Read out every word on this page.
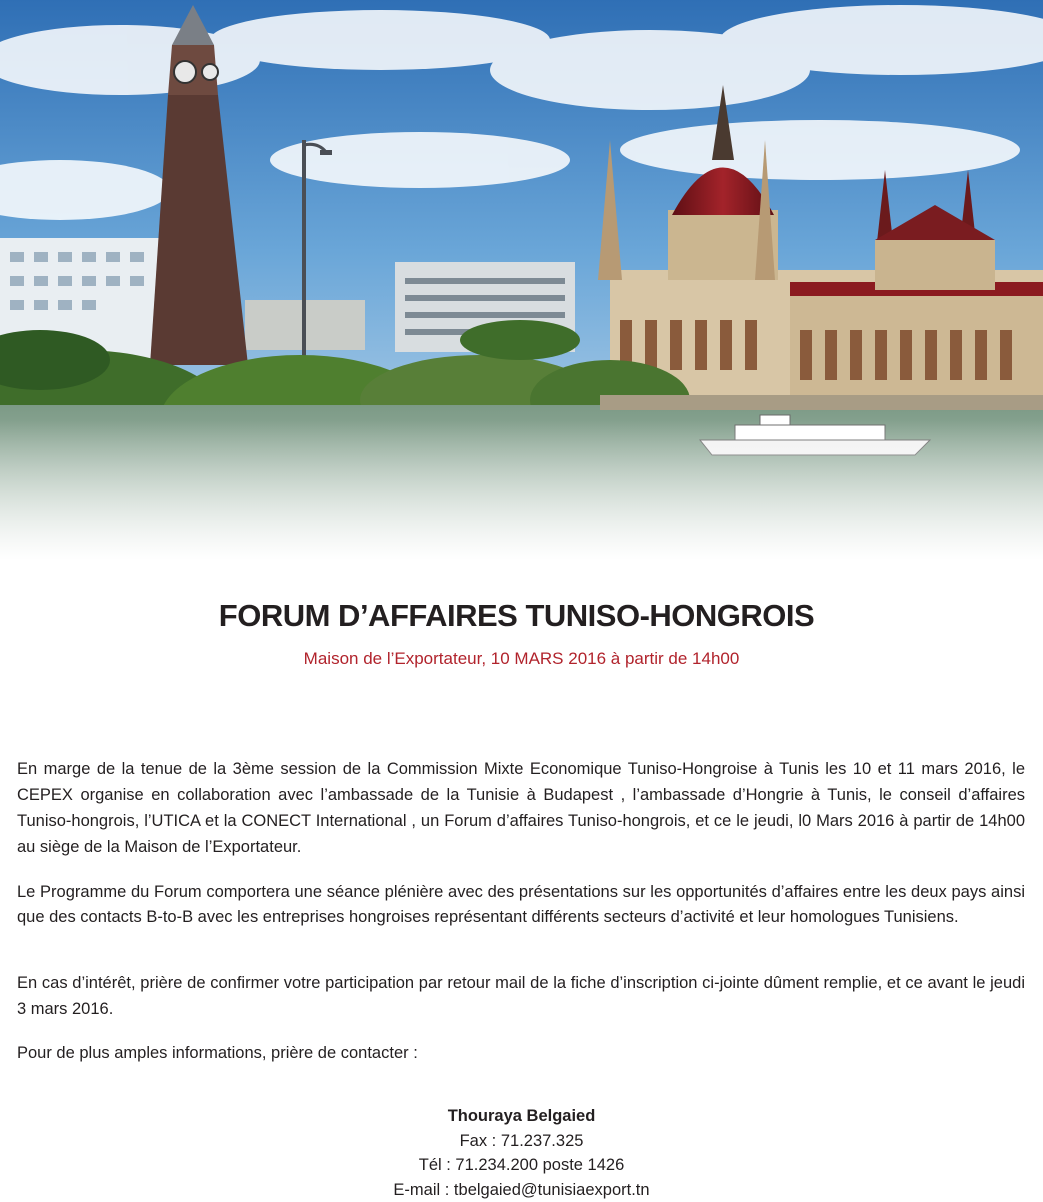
FORUM D’AFFAIRES TUNISO-HONGROIS
Maison de l’Exportateur, 10 MARS 2016 à partir de 14h00
En marge de la tenue de la 3ème session de la Commission Mixte Economique Tuniso-Hongroise à Tunis les 10 et 11 mars 2016, le CEPEX organise en collaboration avec l’ambassade de la Tunisie à Budapest , l’ambassade d’Hongrie à Tunis, le conseil d’affaires Tuniso-hongrois, l’UTICA et la CONECT International , un Forum d’affaires Tuniso-hongrois, et ce le jeudi, l0 Mars 2016 à partir de 14h00 au siège de la Maison de l’Exportateur.
Le Programme du Forum comportera une séance plénière avec des présentations sur les opportunités d’affaires entre les deux pays ainsi que des contacts B-to-B avec les entreprises hongroises représentant différents secteurs d’activité et leur homologues Tunisiens.
En cas d’intérêt, prière de confirmer votre participation par retour mail de la fiche d’inscription ci-jointe dûment remplie, et ce avant le jeudi 3 mars 2016.
Pour de plus amples informations, prière de contacter :
Thouraya Belgaied
Fax : 71.237.325
Tél : 71.234.200 poste 1426
E-mail : tbelgaied@tunisiaexport.tn
